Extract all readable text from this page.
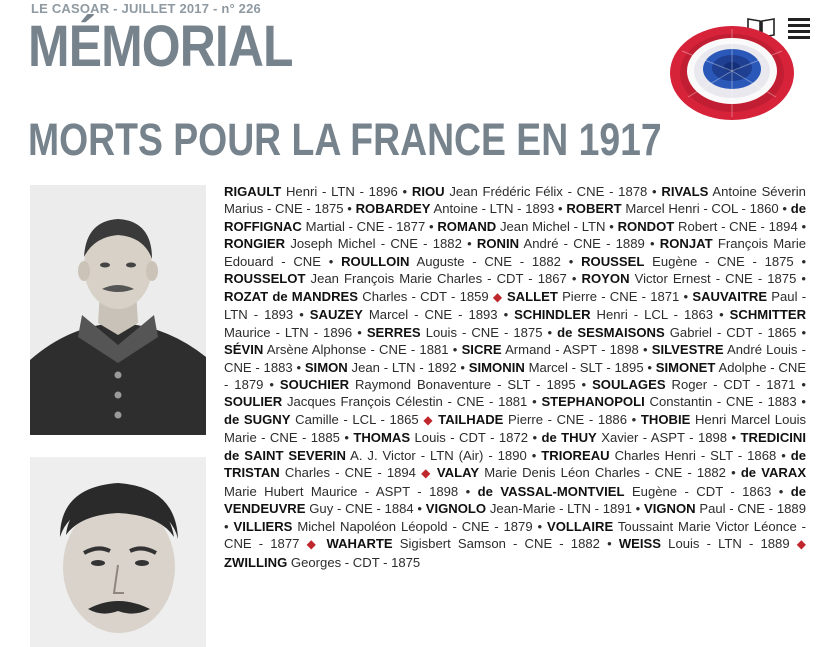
LE CASOAR - JUILLET 2017 - n° 226
MÉMORIAL
MORTS POUR LA FRANCE EN 1917
RIGAULT Henri - LTN - 1896 • RIOU Jean Frédéric Félix - CNE - 1878 • RIVALS Antoine Séverin Marius - CNE - 1875 • ROBARDEY Antoine - LTN - 1893 • ROBERT Marcel Henri - COL - 1860 • de ROFFIGNAC Martial - CNE - 1877 • ROMAND Jean Michel - LTN • RONDOT Robert - CNE - 1894 • RONGIER Joseph Michel - CNE - 1882 • RONIN André - CNE - 1889 • RONJAT François Marie Edouard - CNE • ROULLOIN Auguste - CNE - 1882 • ROUSSEL Eugène - CNE - 1875 • ROUSSELOT Jean François Marie Charles - CDT - 1867 • ROYON Victor Ernest - CNE - 1875 • ROZAT de MANDRES Charles - CDT - 1859 ◆ SALLET Pierre - CNE - 1871 • SAUVAITRE Paul - LTN - 1893 • SAUZEY Marcel - CNE - 1893 • SCHINDLER Henri - LCL - 1863 • SCHMITTER Maurice - LTN - 1896 • SERRES Louis - CNE - 1875 • de SESMAISONS Gabriel - CDT - 1865 • SÉVIN Arsène Alphonse - CNE - 1881 • SICRE Armand - ASPT - 1898 • SILVESTRE André Louis - CNE - 1883 • SIMON Jean - LTN - 1892 • SIMONIN Marcel - SLT - 1895 • SIMONET Adolphe - CNE - 1879 • SOUCHIER Raymond Bonaventure - SLT - 1895 • SOULAGES Roger - CDT - 1871 • SOULIER Jacques François Célestin - CNE - 1881 • STEPHANOPOLI Constantin - CNE - 1883 • de SUGNY Camille - LCL - 1865 ◆ TAILHADE Pierre - CNE - 1886 • THOBIE Henri Marcel Louis Marie - CNE - 1885 • THOMAS Louis - CDT - 1872 • de THUY Xavier - ASPT - 1898 • TREDICINI de SAINT SEVERIN A. J. Victor - LTN (Air) - 1890 • TRIOREAU Charles Henri - SLT - 1868 • de TRISTAN Charles - CNE - 1894 ◆ VALAY Marie Denis Léon Charles - CNE - 1882 • de VARAX Marie Hubert Maurice - ASPT - 1898 • de VASSAL-MONTVIEL Eugène - CDT - 1863 • de VENDEUVRE Guy - CNE - 1884 • VIGNOLO Jean-Marie - LTN - 1891 • VIGNON Paul - CNE - 1889 • VILLIERS Michel Napoléon Léopold - CNE - 1879 • VOLLAIRE Toussaint Marie Victor Léonce - CNE - 1877 ◆ WAHARTE Sigisbert Samson - CNE - 1882 • WEISS Louis - LTN - 1889 ◆ ZWILLING Georges - CDT - 1875
